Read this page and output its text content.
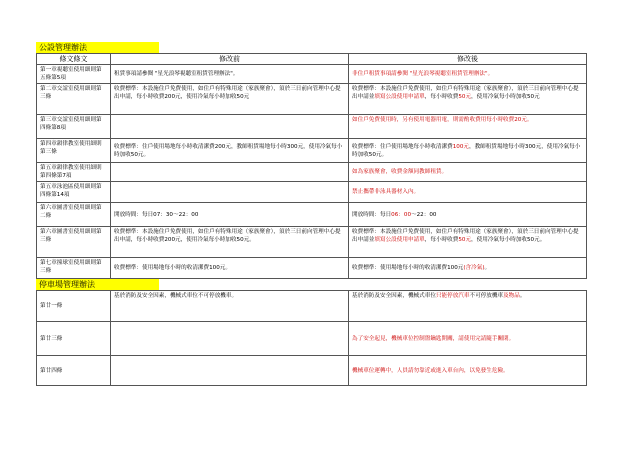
公設管理辦法
條文條文	修改前	修改後
第一章視聽室使用細則第五條第5項	租賃事項請參閱 "星光浪琴視聽室租賃管理辦法"。	非住戶租賃事項請參閱 "星光浪琴視聽室租賃管理辦法"。
第二章交誼室使用細則第三條	收費標準：本設施住戶免費使用，如住戶有特殊用途（家族聚會），須於三日前向管理中心提出申請，每小時收費200元，使用冷氣每小時加收50元	收費標準：本設施住戶免費使用，如住戶有特殊用途（家族聚會），須於三日前向管理中心提出申請並填寫公設使用申請單，每小時收費50元，使用冷氣每小時加收50元
第三章交誼室使用細則第四條第8項		如住戶免費使用時，另有使用電器用電，則需酌收費用每小時收費20元。
第四章韻律教室使用細則第三條	收費標準：住戶使用場地每小時收清潔費200元，教師租賃場地每小時300元，使用冷氣每小時加收50元。	收費標準：住戶使用場地每小時收清潔費100元，教師租賃場地每小時300元，使用冷氣每小時加收50元。
第五章韻律教室使用細則第四條第7項		如為家族聚會，收費金額同教師租賃。
第五章泳池區使用細則第四條第14項		禁止攜帶非泳具器材入內。
第六章圖書室使用細則第二條	開放時間：每日07：30～22：00	開放時間：每日06：00～22：00
第六章圖書室使用細則第三條	收費標準：本設施住戶免費使用，如住戶有特殊用途（家族聚會），須於三日前向管理中心提出申請，每小時收費200元，使用冷氣每小時加收50元。	收費標準：本設施住戶免費使用，如住戶有特殊用途（家族聚會），須於三日前向管理中心提出申請並填寫公設使用申請單，每小時收費50元，使用冷氣每小時加收50元。
第七章撞球室使用細則第三條	收費標準：使用場地每小時的收清潔費100元。	收費標準：使用場地每小時的收清潔費100元(含冷氣)。
停車場管理辦法
第廿一條	基於消防及安全因素，機械式車位不可停放機車。	基於消防及安全因素，機械式車位只能停放汽車不可停放機車及物品。
第廿三條		為了安全起見，機械車位控制盤鑰匙開關，請使用完請隨手關閉。
第廿四條		機械車位運轉中，人員請勿靠近或進入車台內，以免發生危險。
